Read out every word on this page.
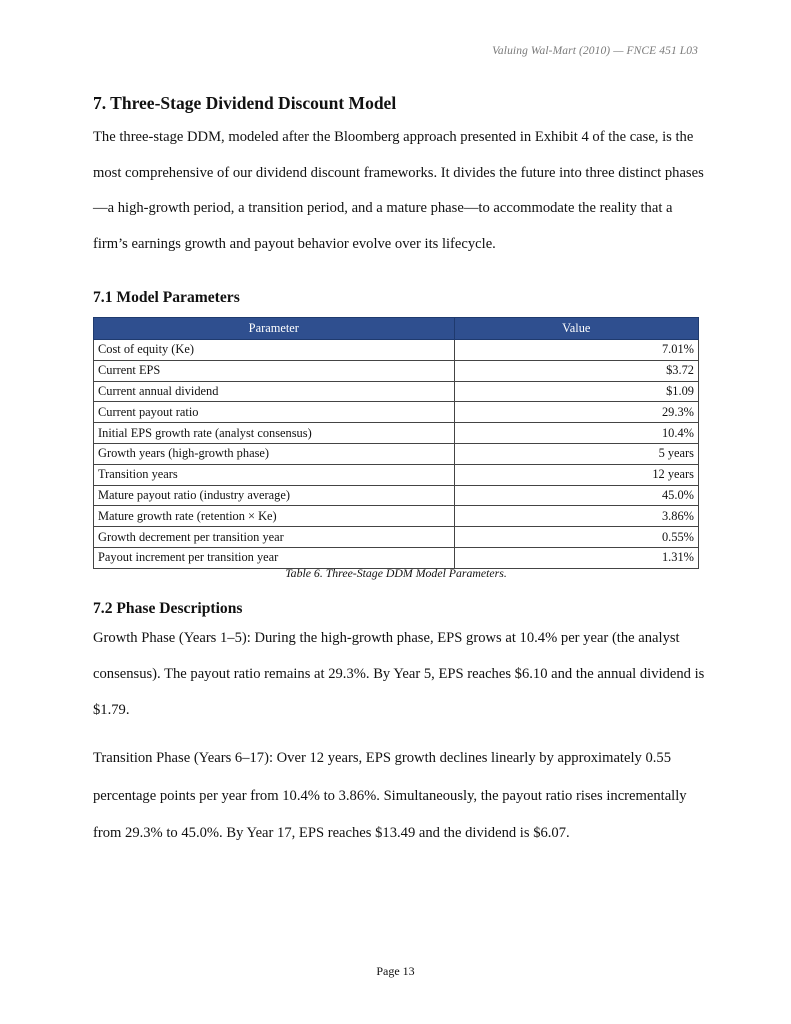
Valuing Wal-Mart (2010) — FNCE 451 L03
7. Three-Stage Dividend Discount Model

The three-stage DDM, modeled after the Bloomberg approach presented in Exhibit 4 of the case, is the most comprehensive of our dividend discount frameworks. It divides the future into three distinct phases—a high-growth period, a transition period, and a mature phase—to accommodate the reality that a firm’s earnings growth and payout behavior evolve over its lifecycle.

7.1 Model Parameters
Parameter	Value
Cost of equity (Ke)	7.01%
Current EPS	$3.72
Current annual dividend	$1.09
Current payout ratio	29.3%
Initial EPS growth rate (analyst consensus)	10.4%
Growth years (high-growth phase)	5 years
Transition years	12 years
Mature payout ratio (industry average)	45.0%
Mature growth rate (retention × Ke)	3.86%
Growth decrement per transition year	0.55%
Payout increment per transition year	1.31%
Table 6. Three-Stage DDM Model Parameters.
7.2 Phase Descriptions

Growth Phase (Years 1–5): During the high-growth phase, EPS grows at 10.4% per year (the analyst consensus). The payout ratio remains at 29.3%. By Year 5, EPS reaches $6.10 and the annual dividend is $1.79.

Transition Phase (Years 6–17): Over 12 years, EPS growth declines linearly by approximately 0.55 percentage points per year from 10.4% to 3.86%. Simultaneously, the payout ratio rises incrementally from 29.3% to 45.0%. By Year 17, EPS reaches $13.49 and the dividend is $6.07.

Page 13
